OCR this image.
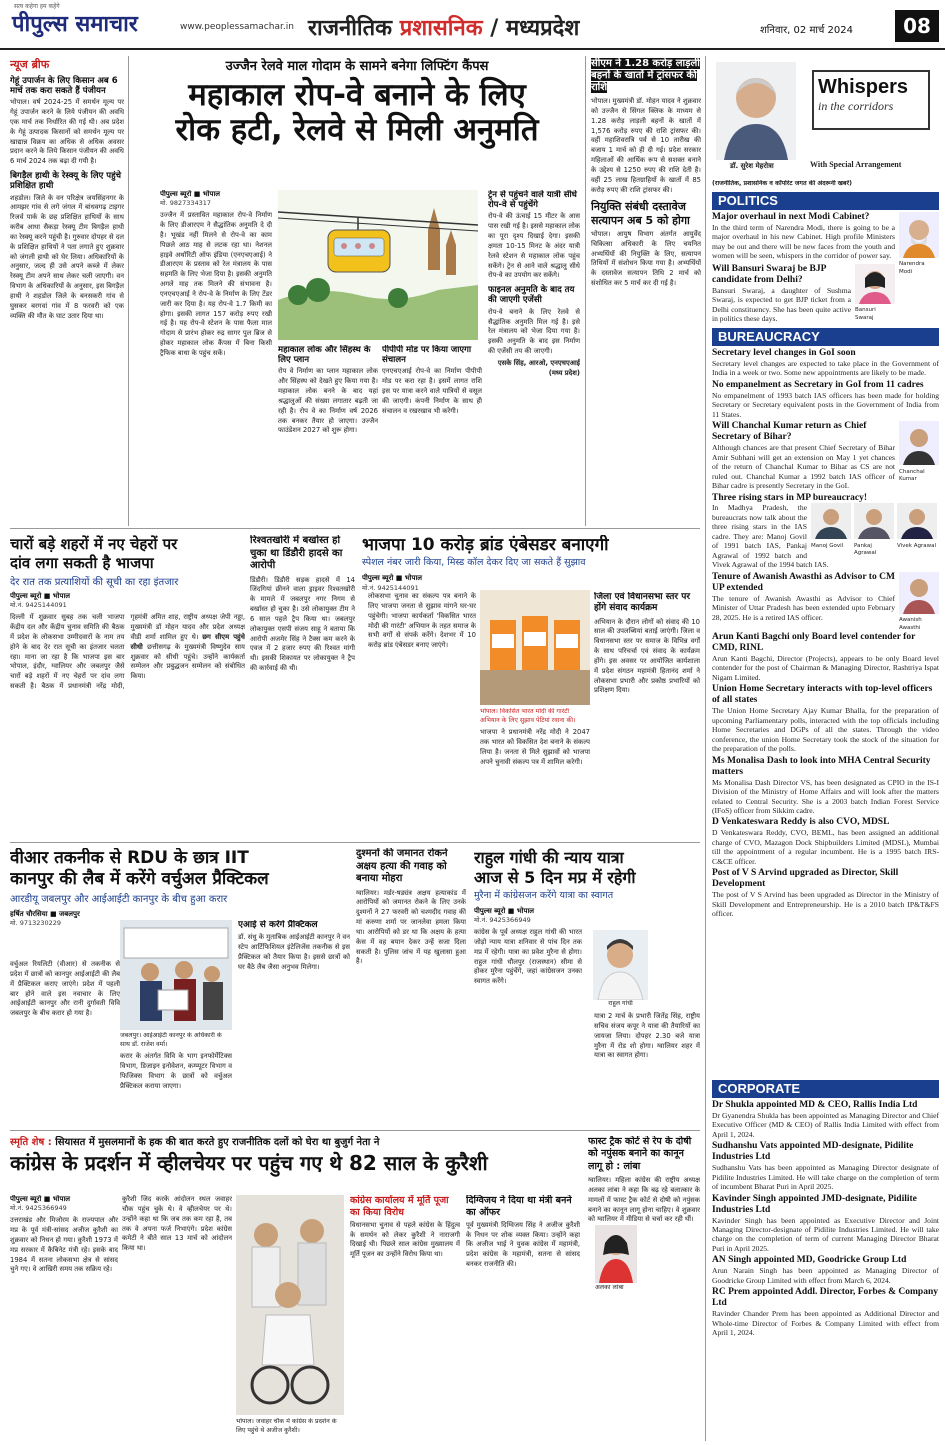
सत्य कहेगा हम कहेंगे
पीपुल्स समाचार	www.peoplessamachar.in राजनीतिक प्रशासनिक / मध्यप्रदेश	शनिवार, 02 मार्च 2024	08
न्यूज ब्रीफ
गेहूं उपार्जन के लिए किसान अब 6 मार्च तक करा सकते हैं पंजीयन
भोपाल। वर्ष 2024-25 में समर्थन मूल्य पर गेहूं उपार्जन करने के लिये पंजीयन की अवधि एक मार्च तक निर्धारित की गई थी। अब प्रदेश के गेहूं उत्पादक किसानों को समर्थन मूल्य पर खाद्यान्न विक्रय का अधिक से अधिक अवसर प्रदान करने के लिये किसान पंजीयन की अवधि 6 मार्च 2024 तक बढ़ा दी गयी है।
बिगड़ैल हाथी के रेस्क्यू के लिए पहुंचे प्रशिक्षित हाथी
शहडोल। जिले के वन परिक्षेत्र जयसिंहनगर के आमझर गांव से लगे जंगल में बांधवगढ़ टाइगर रिजर्व पार्क के छह प्रशिक्षित हाथियों के साथ करीब आधा सैकड़ा रेस्क्यू टीम बिगड़ैल हाथी का रेस्क्यू करने पहुंची है। गुरुवार दोपहर से दल के प्रशिक्षित हाथियों ने पता लगाते हुए शुक्रवार को जंगली हाथी को घेर लिया। अधिकारियों के अनुसार, जल्द ही उसे अपने कब्जे में लेकर रेस्क्यू टीम अपने साथ लेकर चली जाएगी। वन विभाग के अधिकारियों के अनुसार, इस बिगड़ैल हाथी ने शहडोल जिले के बनसकरी गांव से घुसकर बरगवां गांव में 8 फरवरी को एक व्यक्ति की मौत के घाट उतार दिया था।
उज्जैन रेलवे माल गोदाम के सामने बनेगा लिफ्टिंग कैंपस
महाकाल रोप-वे बनाने के लिए
रोक हटी, रेलवे से मिली अनुमति
पीपुल्स ब्यूरो ■ भोपाल
मो. 9827334317
उज्जैन में प्रस्तावित महाकाल रोप-वे निर्माण के लिए डीआरएम ने सैद्धांतिक अनुमति दे दी है। भूखंड नहीं मिलने से रोप-वे का काम पिछले आठ माह से लटक रहा था। नेशनल हाइवे अथॉरिटी ऑफ इंडिया (एनएचएआई) ने डीआरएम के प्रस्ताव को रेल मंत्रालय के पास सहमति के लिए भेजा दिया है। इसकी अनुमति अगले माह तक मिलने की संभावना है। एनएचएआई ने रोप-वे के निर्माण के लिए टेंडर जारी कर दिया है। यह रोप-वे 1.7 किमी का होगा। इसकी लागत 157 करोड़ रुपए रखी गई है। यह रोप-वे स्टेशन के पास फैला माल गोदाम से प्रारंभ होकर रुद्र सागर पुल ब्रिज से होकर महाकाल लोक कैंपस में बिना किसी ट्रैफिक बाधा के पहुंच सकें।
ट्रेन से पहुंचने वाले यात्री सीधे रोप-वे से पहुंचेंगे
रोप-वे की ऊंचाई 15 मीटर के आस पास रखी गई है। इससे महाकाल लोक का पूरा दृश्य दिखाई देगा। इसकी क्षमता 10-15 मिनट के अंदर यात्री रेलवे स्टेशन से महाकाल लोक पहुंच सकेंगे। ट्रेन से आने वाले श्रद्धालु सीधे रोप-वे का उपयोग कर सकेंगे।
फाइनल अनुमति के बाद तय की जाएगी एजेंसी
रोप-वे बनाने के लिए रेलवे से सैद्धांतिक अनुमति मिल गई है। इसे रेल मंत्रालय को भेजा दिया गया है। इसकी अनुमति के बाद इस निर्माण की एजेंसी तय की जाएगी।
एसके सिंह, आरओ, एनएचएआई (मध्य प्रदेश)
महाकाल लोक और सिंहस्थ के लिए प्लान
रोप वे निर्माण का प्लान महाकाल लोक और सिंहस्थ को देखते हुए किया गया है। महाकाल लोक बनने के बाद यहां श्रद्धालुओं की संख्या लगातार बढ़ती जा रही है। रोप वे का निर्माण वर्ष 2026 तक बनकर तैयार हो जाएगा। उज्जैन फाउंडेशन 2027 को शुरू होगा।
पीपीपी मोड पर किया जाएगा संचालन
एनएचएआई रोप-वे का निर्माण पीपीपी मोड पर करा रहा है। इसमें लागत राशि इस पर यात्रा करने वाले यात्रियों से वसूल की जाएगी। कंपनी निर्माण के साथ ही संचालन व रखरखाव भी करेगी।
सीएम ने 1.28 करोड़ लाड़ली बहनों के खातों में ट्रांसफर की राशि
भोपाल। मुख्यमंत्री डॉ. मोहन यादव ने शुक्रवार को उज्जैन से सिंगल क्लिक के माध्यम से 1.28 करोड़ लाड़ली बहनों के खातों में 1,576 करोड़ रुपए की राशि ट्रांसफर की। वहीं महाशिवरात्रि पर्व से 10 तारीख की बजाय 1 मार्च को ही दी गई। प्रदेश सरकार महिलाओं की आर्थिक रूप से सशक्त बनाने के उद्देश्य से 1250 रुपए की राशि देती है। वहीं 25 लाख हितग्राहियों के खातों में 85 करोड़ रुपए की राशि ट्रांसफर की।
नियुक्ति संबंधी दस्तावेज सत्यापन अब 5 को होगा
भोपाल। आयुष विभाग अंतर्गत आयुर्वेद चिकित्सा अधिकारी के लिए चयनित अभ्यर्थियों की नियुक्ति के लिए, सत्यापन तिथियों में संशोधन किया गया है। अभ्यर्थियों के दस्तावेज सत्यापन तिथि 2 मार्च को संशोधित कर 5 मार्च कर दी गई है।
चारों बड़े शहरों में नए चेहरों पर
दांव लगा सकती है भाजपा
देर रात तक प्रत्याशियों की सूची का रहा इंतजार
पीपुल्स ब्यूरो ■ भोपाल
मो.नं. 9425144091
दिल्ली में शुक्रवार सुबह तक चली भाजपा केंद्रीय दल और केंद्रीय चुनाव समिति की बैठक में प्रदेश के लोकसभा उम्मीदवारों के नाम तय होने के बाद देर रात सूची का इंतजार चलता रहा। माना जा रहा है कि भाजपा इस बार भोपाल, इंदौर, ग्वालियर और जबलपुर जैसे चारों बड़े शहरों में नए चेहरों पर दांव लगा सकती है। बैठक में प्रधानमंत्री नरेंद्र मोदी, गृहमंत्री अमित शाह, राष्ट्रीय अध्यक्ष जेपी नड्डा, मुख्यमंत्री डॉ मोहन यादव और प्रदेश अध्यक्ष वीडी शर्मा शामिल हुए थे। छग सीएम पहुंचे सीधी छत्तीसगढ़ के मुख्यमंत्री विष्णुदेव साय शुक्रवार को सीधी पहुंचे। उन्होंने कार्यकर्ता सम्मेलन और प्रबुद्धजन सम्मेलन को संबोधित किया।
रिश्वतखोरी में बर्खास्त हो चुका था डिंडौरी हादसे का आरोपी
डिंडौरी। डिंडौरी सड़क हादसे में 14 जिंदगियां छीनने वाला ड्राइवर रिश्वतखोरी के मामले में जबलपुर नगर निगम से बर्खास्त हो चुका है। उसे लोकायुक्त टीम ने 6 साल पहले ट्रैप किया था। जबलपुर लोकायुक्त एसपी संजय साहू ने बताया कि आरोपी अजमेर सिंह ने टैक्स कम करने के एवज में 2 हजार रुपए की रिश्वत मांगी थी। इसकी शिकायत पर लोकायुक्त ने ट्रैप की कार्रवाई की थी।
भाजपा 10 करोड़ ब्रांड एंबेसडर बनाएगी
स्पेशल नंबर जारी किया, मिस्ड कॉल देकर दिए जा सकते हैं सुझाव
पीपुल्स ब्यूरो ■ भोपाल
मो.नं. 9425144091
लोकसभा चुनाव का संकल्प पत्र बनाने के लिए भाजपा जनता से सुझाव मांगने घर-घर पहुंचेगी। भाजपा कार्यकर्ता 'विकसित भारत मोदी की गारंटी' अभियान के तहत समाज के सभी वर्गों से संपर्क करेंगे। देशभर में 10 करोड़ ब्रांड एंबेसडर बनाए जाएंगे।
भोपाल। विकसित भारत मोदी की गारंटी अभियान के लिए सुझाव पेटियां रवाना की।
भाजपा ने प्रधानमंत्री नरेंद्र मोदी ने 2047 तक भारत को विकसित देश बनाने के संकल्प लिया है। जनता से मिले सुझावों को भाजपा अपने चुनावी संकल्प पत्र में शामिल करेगी।
जिला एवं विधानसभा स्तर पर होंगे संवाद कार्यक्रम
अभियान के दौरान लोगों को संवाद की 10 साल की उपलब्धियां बताई जाएंगी। जिला व विधानसभा स्तर पर समाज के विभिन्न वर्गों के साथ परिचर्चा एवं संवाद के कार्यक्रम होंगे। इस अवसर पर आयोजित कार्यशाला में प्रदेश संगठन महामंत्री हितानंद शर्मा ने लोकसभा प्रभारी और प्रकोष्ठ प्रभारियों को प्रशिक्षण दिया।
वीआर तकनीक से RDU के छात्र IIT
कानपुर की लैब में करेंगे वर्चुअल प्रैक्टिकल
आरडीयू जबलपुर और आईआईटी कानपुर के बीच हुआ करार
हर्षित चौरसिया ■ जबलपुर
मो. 9713230229
वर्चुअल रियलिटी (वीआर) से तकनीक से प्रदेश में छात्रों को कानपुर आईआईटी की लैब में प्रैक्टिकल कराए जाएंगे। प्रदेश में पहली बार होने वाले इस नवाचार के लिए आईआईटी कानपुर और रानी दुर्गावती विवि जबलपुर के बीच करार हो गया है।
जबलपुर। आईआईटी कानपुर के अधिकारी के साथ डॉ. राजेश वर्मा।
करार के अंतर्गत विवि के भाग इनफोर्मेटिक्स विभाग, डिजाइन इनोवेशन, कम्प्यूटर विभाग व फिजिक्स विभाग के छात्रों को वर्चुअल प्रैक्टिकल कराया जाएगा।
एआई से करेंगे प्रैक्टिकल
डॉ. संधु के मुताबिक आईआईटी कानपुर ने वन स्टेप आर्टिफिशियल इंटेलिजेंस तकनीक से इस प्रैक्टिकल को तैयार किया है। इससे छात्रों को घर बैठे लैब जैसा अनुभव मिलेगा।
दुश्मनों की जमानत रोकने अक्षय हत्या की गवाह को बनाया मोहरा
ग्वालियर। मर्डर-षड्यंत्र अक्षय हत्याकांड में आरोपियों को जमानत रोकने के लिए उनके दुश्मनों ने 27 फरवरी को चश्मदीद गवाह की मां करुणा शर्मा पर जानलेवा हमला किया था। आरोपियों को डर था कि अक्षय के हत्या केस में वह बयान देकर उन्हें सजा दिला सकती है। पुलिस जांच में यह खुलासा हुआ है।
राहुल गांधी की न्याय यात्रा
आज से 5 दिन मप्र में रहेगी
मुरैना में कांग्रेसजन करेंगे यात्रा का स्वागत
पीपुल्स ब्यूरो ■ भोपाल
मो.नं. 9425366949
कांग्रेस के पूर्व अध्यक्ष राहुल गांधी की भारत जोड़ो न्याय यात्रा शनिवार से पांच दिन तक मप्र में रहेगी। यात्रा का प्रवेश मुरैना से होगा। राहुल गांधी धौलपुर (राजस्थान) सीमा से होकर मुरैना पहुंचेंगे, जहां कांग्रेसजन उनका स्वागत करेंगे।
राहुल गांधी
यात्रा 2 मार्च के प्रभारी जितेंद्र सिंह, राष्ट्रीय सचिव संजय कपूर ने यात्रा की तैयारियों का जायजा लिया। दोपहर 2.30 बजे यात्रा मुरैना में रोड शो होगा। ग्वालियर शहर में यात्रा का स्वागत होगा।
स्मृति शेष : सियासत में मुसलमानों के हक की बात करते हुए राजनीतिक दलों को घेरा था बुजुर्ग नेता ने
कांग्रेस के प्रदर्शन में व्हीलचेयर पर पहुंच गए थे 82 साल के कुरैशी
पीपुल्स ब्यूरो ■ भोपाल
मो.नं. 9425366949
उत्तराखंड और मिजोरम के राज्यपाल और मप्र के पूर्व मंत्री-सांसद अजीज कुरैशी का शुक्रवार को निधन हो गया। कुरैशी 1973 में मप्र सरकार में कैबिनेट मंत्री रहे। इसके बाद 1984 में सतना लोकसभा क्षेत्र से सांसद चुने गए। वे आखिरी समय तक सक्रिय रहे।
कुरैशी जिद करके आंदोलन स्थल जवाहर चौक पहुंच चुके थे। वे व्हीलचेयर पर थे। उन्होंने कहा था कि जब तक कम रहा है, तब तक वे अपना फर्ज निभाएंगे। प्रदेश कांग्रेस कमेटी ने बीते साल 13 मार्च को आंदोलन किया था।
भोपाल। जवाहर चौक में कांग्रेस के प्रदर्शन के लिए पहुंचे थे अजीज कुरैशी।
कांग्रेस कार्यालय में मूर्ति पूजा का किया विरोध
विधानसभा चुनाव से पहले कांग्रेस के हिंदुत्व के समर्थन को लेकर कुरैशी ने नाराजगी दिखाई थी। पिछले साल कांग्रेस मुख्यालय में मूर्ति पूजन का उन्होंने विरोध किया था।
दिग्विजय ने दिया था मंत्री बनने का ऑफर
पूर्व मुख्यमंत्री दिग्विजय सिंह ने अजीज कुरैशी के निधन पर शोक व्यक्त किया। उन्होंने कहा कि अजीज भाई ने युवक कांग्रेस में महामंत्री, प्रदेश कांग्रेस के महामंत्री, सतना से सांसद बनकर राजनीति की।
फास्ट ट्रैक कोर्ट से रेप के दोषी को नपुंसक बनाने का कानून लागू हो : लांबा
ग्वालियर। महिला कांग्रेस की राष्ट्रीय अध्यक्ष अलका लांबा ने कहा कि बढ़ रहे बलात्कार के मामलों में फास्ट ट्रैक कोर्ट से दोषी को नपुंसक बनाने का कानून लागू होना चाहिए। वे शुक्रवार को ग्वालियर में मीडिया से चर्चा कर रही थीं।
Whispers
in the corridors
डॉ. सुरेश मेहरोत्रा	With Special Arrangement
(राजनीतिक, प्रशासनिक व कॉर्पोरेट जगत की अंदरूनी खबरें)
POLITICS
Narendra Modi
Major overhaul in next Modi Cabinet?
In the third term of Narendra Modi, there is going to be a major overhaul in his new Cabinet. High profile Ministers may be out and there will be new faces from the youth and women will be seen, whispers in the corridor of power say.
Bansuri Swaraj
Will Bansuri Swaraj be BJP candidate from Delhi?
Bansuri Swaraj, a daughter of Sushma Swaraj, is expected to get BJP ticket from a Delhi constituency. She has been quite active in politics these days.
BUREAUCRACY
Secretary level changes in GoI soon
Secretary level changes are expected to take place in the Government of India in a week or two. Some new appointments are likely to be made.
No empanelment as Secretary in GoI from 11 cadres
No empanelment of 1993 batch IAS officers has been made for holding Secretary or Secretary equivalent posts in the Government of India from 11 States.
Chanchal Kumar
Will Chanchal Kumar return as Chief Secretary of Bihar?
Although chances are that present Chief Secretary of Bihar Amir Subhani will get an extension on May 1 yet chances of the return of Chanchal Kumar to Bihar as CS are not ruled out. Chanchal Kumar a 1992 batch IAS officer of Bihar cadre is presently Secretary in the GoI.
Three rising stars in MP bureaucracy!
Manoj Govil	Pankaj Agrawal
Vivek Agrawal
In Madhya Pradesh, the bureaucrats now talk about the three rising stars in the IAS cadre. They are: Manoj Govil of 1991 batch IAS, Pankaj Agrawal of 1992 batch and Vivek Agrawal of the 1994 batch IAS.
Awanish Awasthi
Tenure of Awanish Awasthi as Advisor to CM UP extended
The tenure of Awanish Awasthi as Advisor to Chief Minister of Uttar Pradesh has been extended upto February 28, 2025. He is a retired IAS officer.
Arun Kanti Bagchi only Board level contender for CMD, RINL
Arun Kanti Bagchi, Director (Projects), appears to be only Board level contender for the post of Chairman & Managing Director, Rashtriya Ispat Nigam Limited.
Union Home Secretary interacts with top-level officers of all states
The Union Home Secretary Ajay Kumar Bhalla, for the preparation of upcoming Parliamentary polls, interacted with the top officials including Home Secretaries and DGPs of all the states. Through the video conference, the union Home Secretary took the stock of the situation for the preparation of the polls.
Ms Monalisa Dash to look into MHA Central Security matters
Ms Monalisa Dash Director VS, has been designated as CPIO in the IS-I Division of the Ministry of Home Affairs and will look after the matters related to Central Security. She is a 2003 batch Indian Forest Service (IFoS) officer from Sikkim cadre.
D Venkateswara Reddy is also CVO, MDSL
D Venkateswara Reddy, CVO, BEML, has been assigned an additional charge of CVO, Mazagon Dock Shipbuilders Limited (MDSL), Mumbai till the appointment of a regular incumbent. He is a 1995 batch IRS-C&CE officer.
Post of V S Arvind upgraded as Director, Skill Development
The post of V S Arvind has been upgraded as Director in the Ministry of Skill Development and Entrepreneurship. He is a 2010 batch IP&T&FS officer.
CORPORATE
Dr Shukla appointed MD & CEO, Rallis India Ltd
Dr Gyanendra Shukla has been appointed as Managing Director and Chief Executive Officer (MD & CEO) of Rallis India Limited with effect from April 1, 2024.
Sudhanshu Vats appointed MD-designate, Pidilite Industries Ltd
Sudhanshu Vats has been appointed as Managing Director designate of Pidilite Industries Limited. He will take charge on the completion of term of incumbent Bharat Puri in April 2025.
Kavinder Singh appointed JMD-designate, Pidilite Industries Ltd
Kavinder Singh has been appointed as Executive Director and Joint Managing Director-designate of Pidilite Industries Limited. He will take charge on the completion of term of current Managing Director Bharat Puri in April 2025.
AN Singh appointed MD, Goodricke Group Ltd
Arun Narain Singh has been appointed as Managing Director of Goodricke Group Limited with effect from March 6, 2024.
RC Prem appointed Addl. Director, Forbes & Company Ltd
Ravinder Chander Prem has been appointed as Additional Director and Whole-time Director of Forbes & Company Limited with effect from April 1, 2024.
अलका लांबा
